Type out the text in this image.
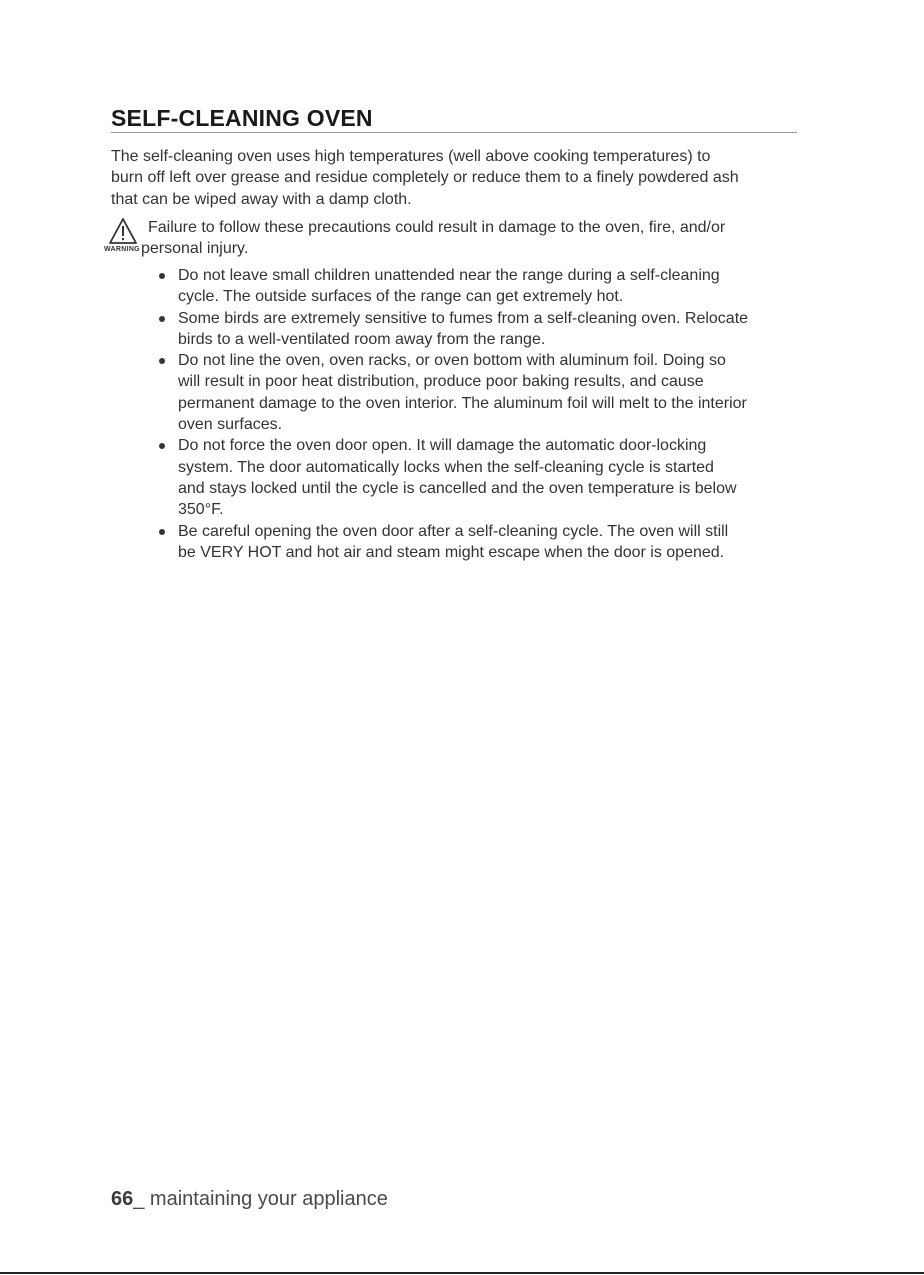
SELF-CLEANING OVEN

The self-cleaning oven uses high temperatures (well above cooking temperatures) to
burn off left over grease and residue completely or reduce them to a finely powdered ash
that can be wiped away with a damp cloth.

WARNING

Failure to follow these precautions could result in damage to the oven, fire, and/or
personal injury.

Do not leave small children unattended near the range during a self-cleaning
cycle. The outside surfaces of the range can get extremely hot.
Some birds are extremely sensitive to fumes from a self-cleaning oven. Relocate
birds to a well-ventilated room away from the range.
Do not line the oven, oven racks, or oven bottom with aluminum foil. Doing so
will result in poor heat distribution, produce poor baking results, and cause
permanent damage to the oven interior. The aluminum foil will melt to the interior
oven surfaces.
Do not force the oven door open. It will damage the automatic door-locking
system. The door automatically locks when the self-cleaning cycle is started
and stays locked until the cycle is cancelled and the oven temperature is below
350°F.
Be careful opening the oven door after a self-cleaning cycle. The oven will still
be VERY HOT and hot air and steam might escape when the door is opened.
66_ maintaining your appliance
